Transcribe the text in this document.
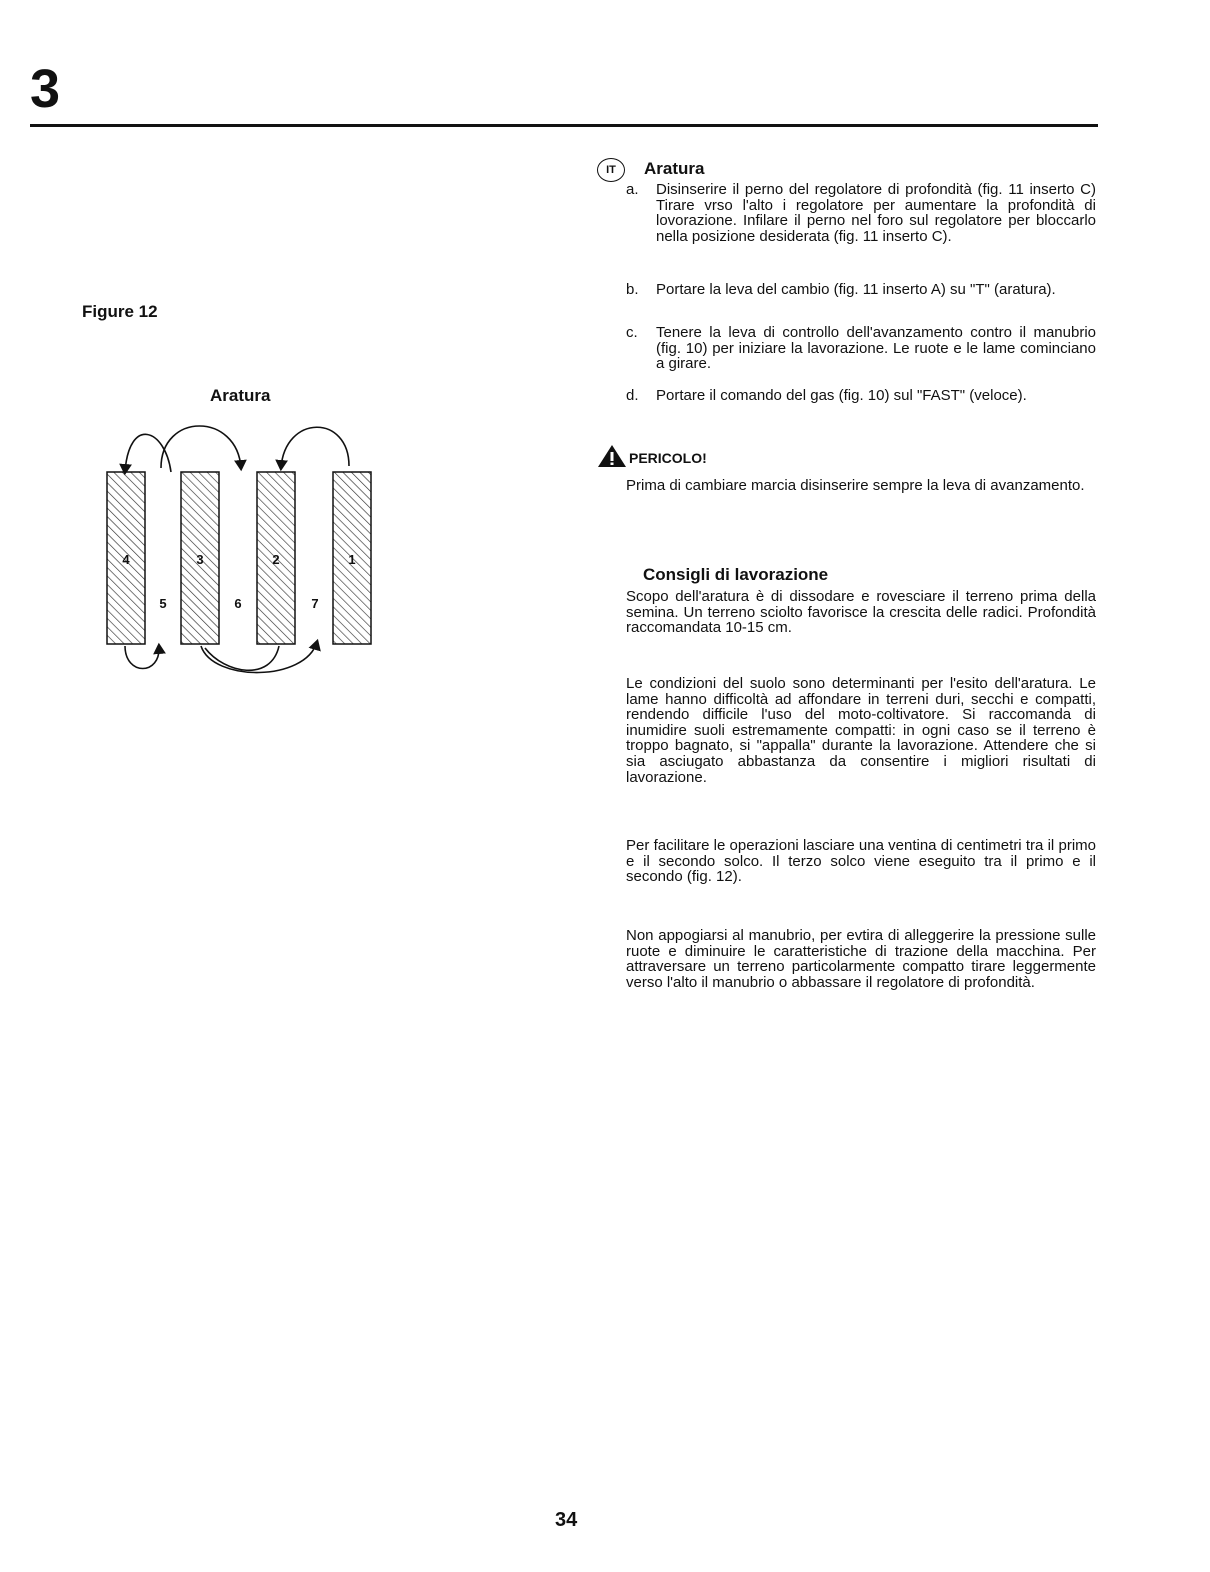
3
Figure 12
Aratura
4	3	2	1
5	6	7
IT	Aratura
a. Disinserire il perno del regolatore di profondità (fig. 11 inserto C) Tirare vrso l'alto i regolatore per aumentare la profondità di lovorazione. Infilare il perno nel foro sul regolatore per bloccarlo nella posizione desiderata (fig. 11 inserto C).
b. Portare la leva del cambio (fig. 11 inserto A) su "T" (aratura).
c. Tenere la leva di controllo dell'avanzamento contro il manubrio (fig. 10) per iniziare la lavorazione. Le ruote e le lame cominciano a girare.
d. Portare il comando del gas (fig. 10) sul "FAST" (veloce).
PERICOLO!
Prima di cambiare marcia disinserire sempre la leva di avanzamento.
Consigli di lavorazione
Scopo dell'aratura è di dissodare e rovesciare il terreno prima della semina. Un terreno sciolto favorisce la crescita delle radici. Profondità raccomandata 10-15 cm.
Le condizioni del suolo sono determinanti per l'esito dell'aratura. Le lame hanno difficoltà ad affondare in terreni duri, secchi e compatti, rendendo difficile l'uso del moto-coltivatore. Si raccomanda di inumidire suoli estremamente compatti: in ogni caso se il terreno è troppo bagnato, si "appalla" durante la lavorazione. Attendere che si sia asciugato abbastanza da consentire i migliori risultati di lavorazione.
Per facilitare le operazioni lasciare una ventina di centimetri tra il primo e il secondo solco. Il terzo solco viene eseguito tra il primo e il secondo (fig. 12).
Non appogiarsi al manubrio, per evtira di alleggerire la pressione sulle ruote e diminuire le caratteristiche di trazione della macchina. Per attraversare un terreno particolarmente compatto tirare leggermente verso l'alto il manubrio o abbassare il regolatore di profondità.
34
